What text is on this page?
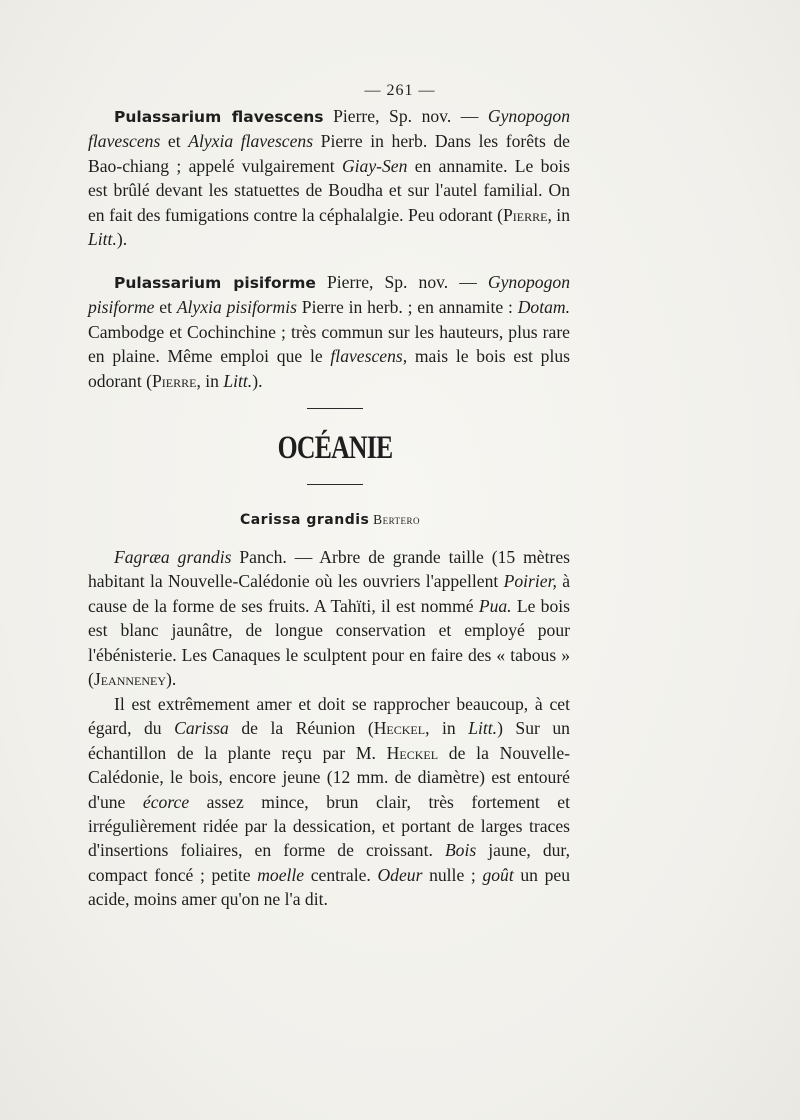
— 261 —
Pulassarium flavescens Pierre, Sp. nov. — Gynopogon flavescens et Alyxia flavescens Pierre in herb. Dans les forêts de Bao-chiang ; appelé vulgairement Giay-Sen en annamite. Le bois est brûlé devant les statuettes de Boudha et sur l'autel familial. On en fait des fumigations contre la céphalalgie. Peu odorant (Pierre, in Litt.).
Pulassarium pisiforme Pierre, Sp. nov. — Gynopogon pisiforme et Alyxia pisiformis Pierre in herb. ; en annamite : Dotam. Cambodge et Cochinchine ; très commun sur les hauteurs, plus rare en plaine. Même emploi que le flavescens, mais le bois est plus odorant (Pierre, in Litt.).
OCÉANIE
Carissa grandis Bertero
Fagræa grandis Panch. — Arbre de grande taille (15 mètres habitant la Nouvelle-Calédonie où les ouvriers l'appellent Poirier, à cause de la forme de ses fruits. A Tahïti, il est nommé Pua. Le bois est blanc jaunâtre, de longue conservation et employé pour l'ébénisterie. Les Canaques le sculptent pour en faire des « tabous » (Jeanneney).
Il est extrêmement amer et doit se rapprocher beaucoup, à cet égard, du Carissa de la Réunion (Heckel, in Litt.) Sur un échantillon de la plante reçu par M. Heckel de la Nouvelle-Calédonie, le bois, encore jeune (12 mm. de diamètre) est entouré d'une écorce assez mince, brun clair, très fortement et irrégulièrement ridée par la dessication, et portant de larges traces d'insertions foliaires, en forme de croissant. Bois jaune, dur, compact foncé ; petite moelle centrale. Odeur nulle ; goût un peu acide, moins amer qu'on ne l'a dit.
